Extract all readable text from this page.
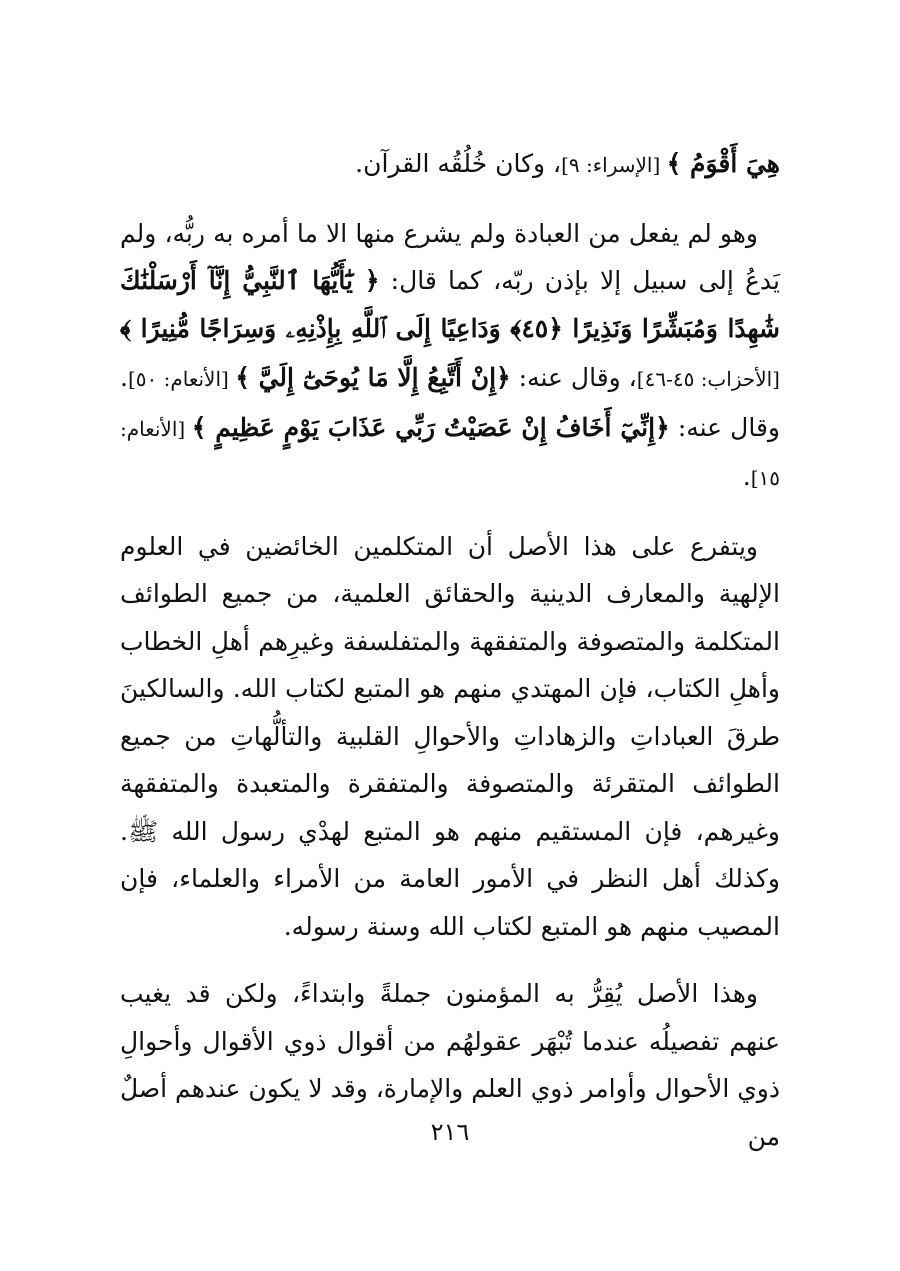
هِيَ أَقْوَمُ ﴾ [الإسراء: ٩]، وكان خُلُقُه القرآن.

وهو لم يفعل من العبادة ولم يشرع منها الا ما أمره به ربُّه، ولم يَدعُ إلى سبيل إلا بإذن ربّه، كما قال: ﴿ يَٰٓأَيُّهَا ٱلنَّبِيُّ إِنَّآ أَرْسَلْنَٰكَ شَٰهِدًا وَمُبَشِّرًا وَنَذِيرًا ﴿٤٥﴾ وَدَاعِيًا إِلَى ٱللَّهِ بِإِذْنِهِۦ وَسِرَاجًا مُّنِيرًا ﴾ [الأحزاب: ٤٥-٤٦]، وقال عنه: ﴿إِنْ أَتَّبِعُ إِلَّا مَا يُوحَىٰٓ إِلَيَّ ﴾ [الأنعام: ٥٠]. وقال عنه: ﴿إِنِّيٓ أَخَافُ إِنْ عَصَيْتُ رَبِّي عَذَابَ يَوْمٍ عَظِيمٍ ﴾ [الأنعام: ١٥].

ويتفرع على هذا الأصل أن المتكلمين الخائضين في العلوم الإلهية والمعارف الدينية والحقائق العلمية، من جميع الطوائف المتكلمة والمتصوفة والمتفقهة والمتفلسفة وغيرِهم أهلِ الخطاب وأهلِ الكتاب، فإن المهتدي منهم هو المتبع لكتاب الله. والسالكينَ طرقَ العباداتِ والزهاداتِ والأحوالِ القلبية والتألُّهاتِ من جميع الطوائف المتقرئة والمتصوفة والمتفقرة والمتعبدة والمتفقهة وغيرهم، فإن المستقيم منهم هو المتبع لهدْي رسول الله ﷺ. وكذلك أهل النظر في الأمور العامة من الأمراء والعلماء، فإن المصيب منهم هو المتبع لكتاب الله وسنة رسوله.

وهذا الأصل يُقِرُّ به المؤمنون جملةً وابتداءً، ولكن قد يغيب عنهم تفصيلُه عندما تُبْهَر عقولهُم من أقوال ذوي الأقوال وأحوالِ ذوي الأحوال وأوامر ذوي العلم والإمارة، وقد لا يكون عندهم أصلٌ من

٢١٦
